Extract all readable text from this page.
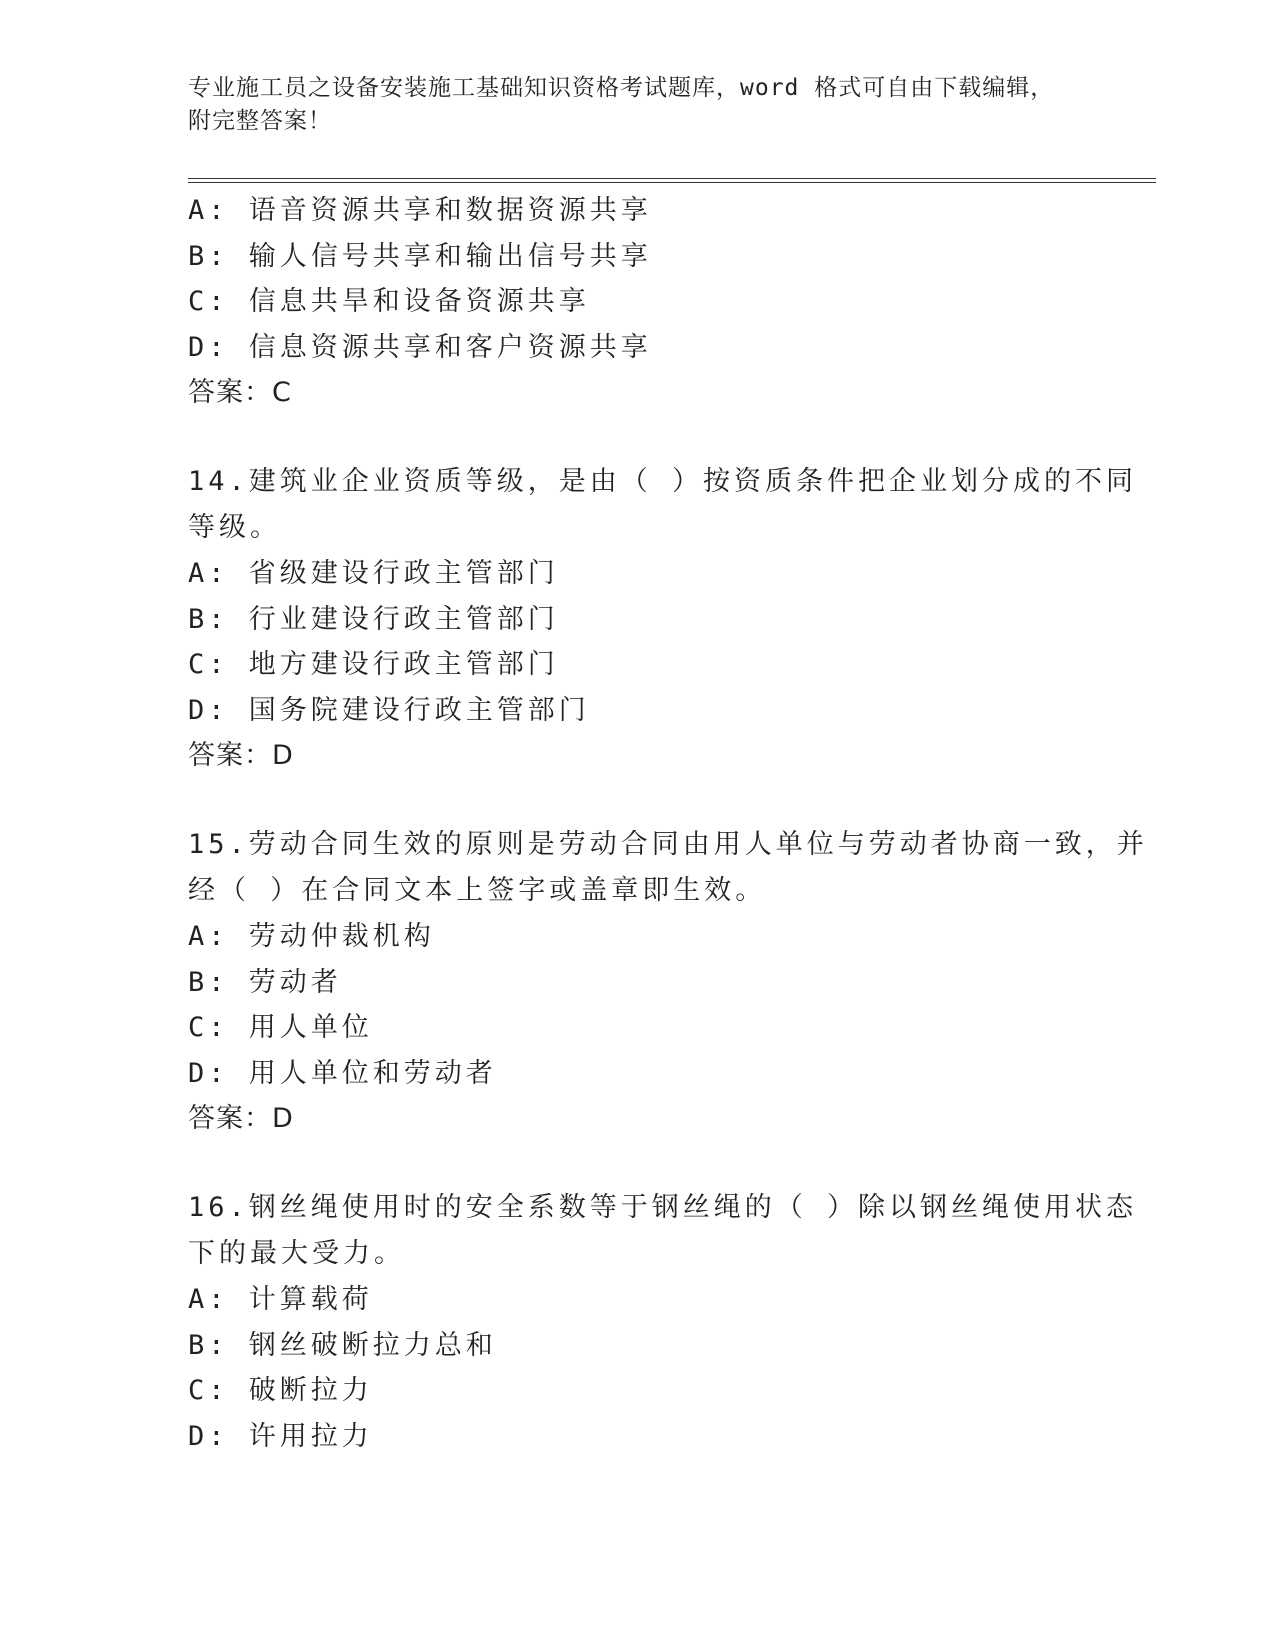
专业施工员之设备安装施工基础知识资格考试题库，word 格式可自由下载编辑，
附完整答案！
A: 语音资源共享和数据资源共享
B: 输人信号共享和输出信号共享
C: 信息共旱和设备资源共享
D: 信息资源共享和客户资源共享
答案：C
14.建筑业企业资质等级，是由（ ）按资质条件把企业划分成的不同
等级。
A: 省级建设行政主管部门
B: 行业建设行政主管部门
C: 地方建设行政主管部门
D: 国务院建设行政主管部门
答案：D
15.劳动合同生效的原则是劳动合同由用人单位与劳动者协商一致，并
经（ ）在合同文本上签字或盖章即生效。
A: 劳动仲裁机构
B: 劳动者
C: 用人单位
D: 用人单位和劳动者
答案：D
16.钢丝绳使用时的安全系数等于钢丝绳的（ ）除以钢丝绳使用状态
下的最大受力。
A: 计算载荷
B: 钢丝破断拉力总和
C: 破断拉力
D: 许用拉力
